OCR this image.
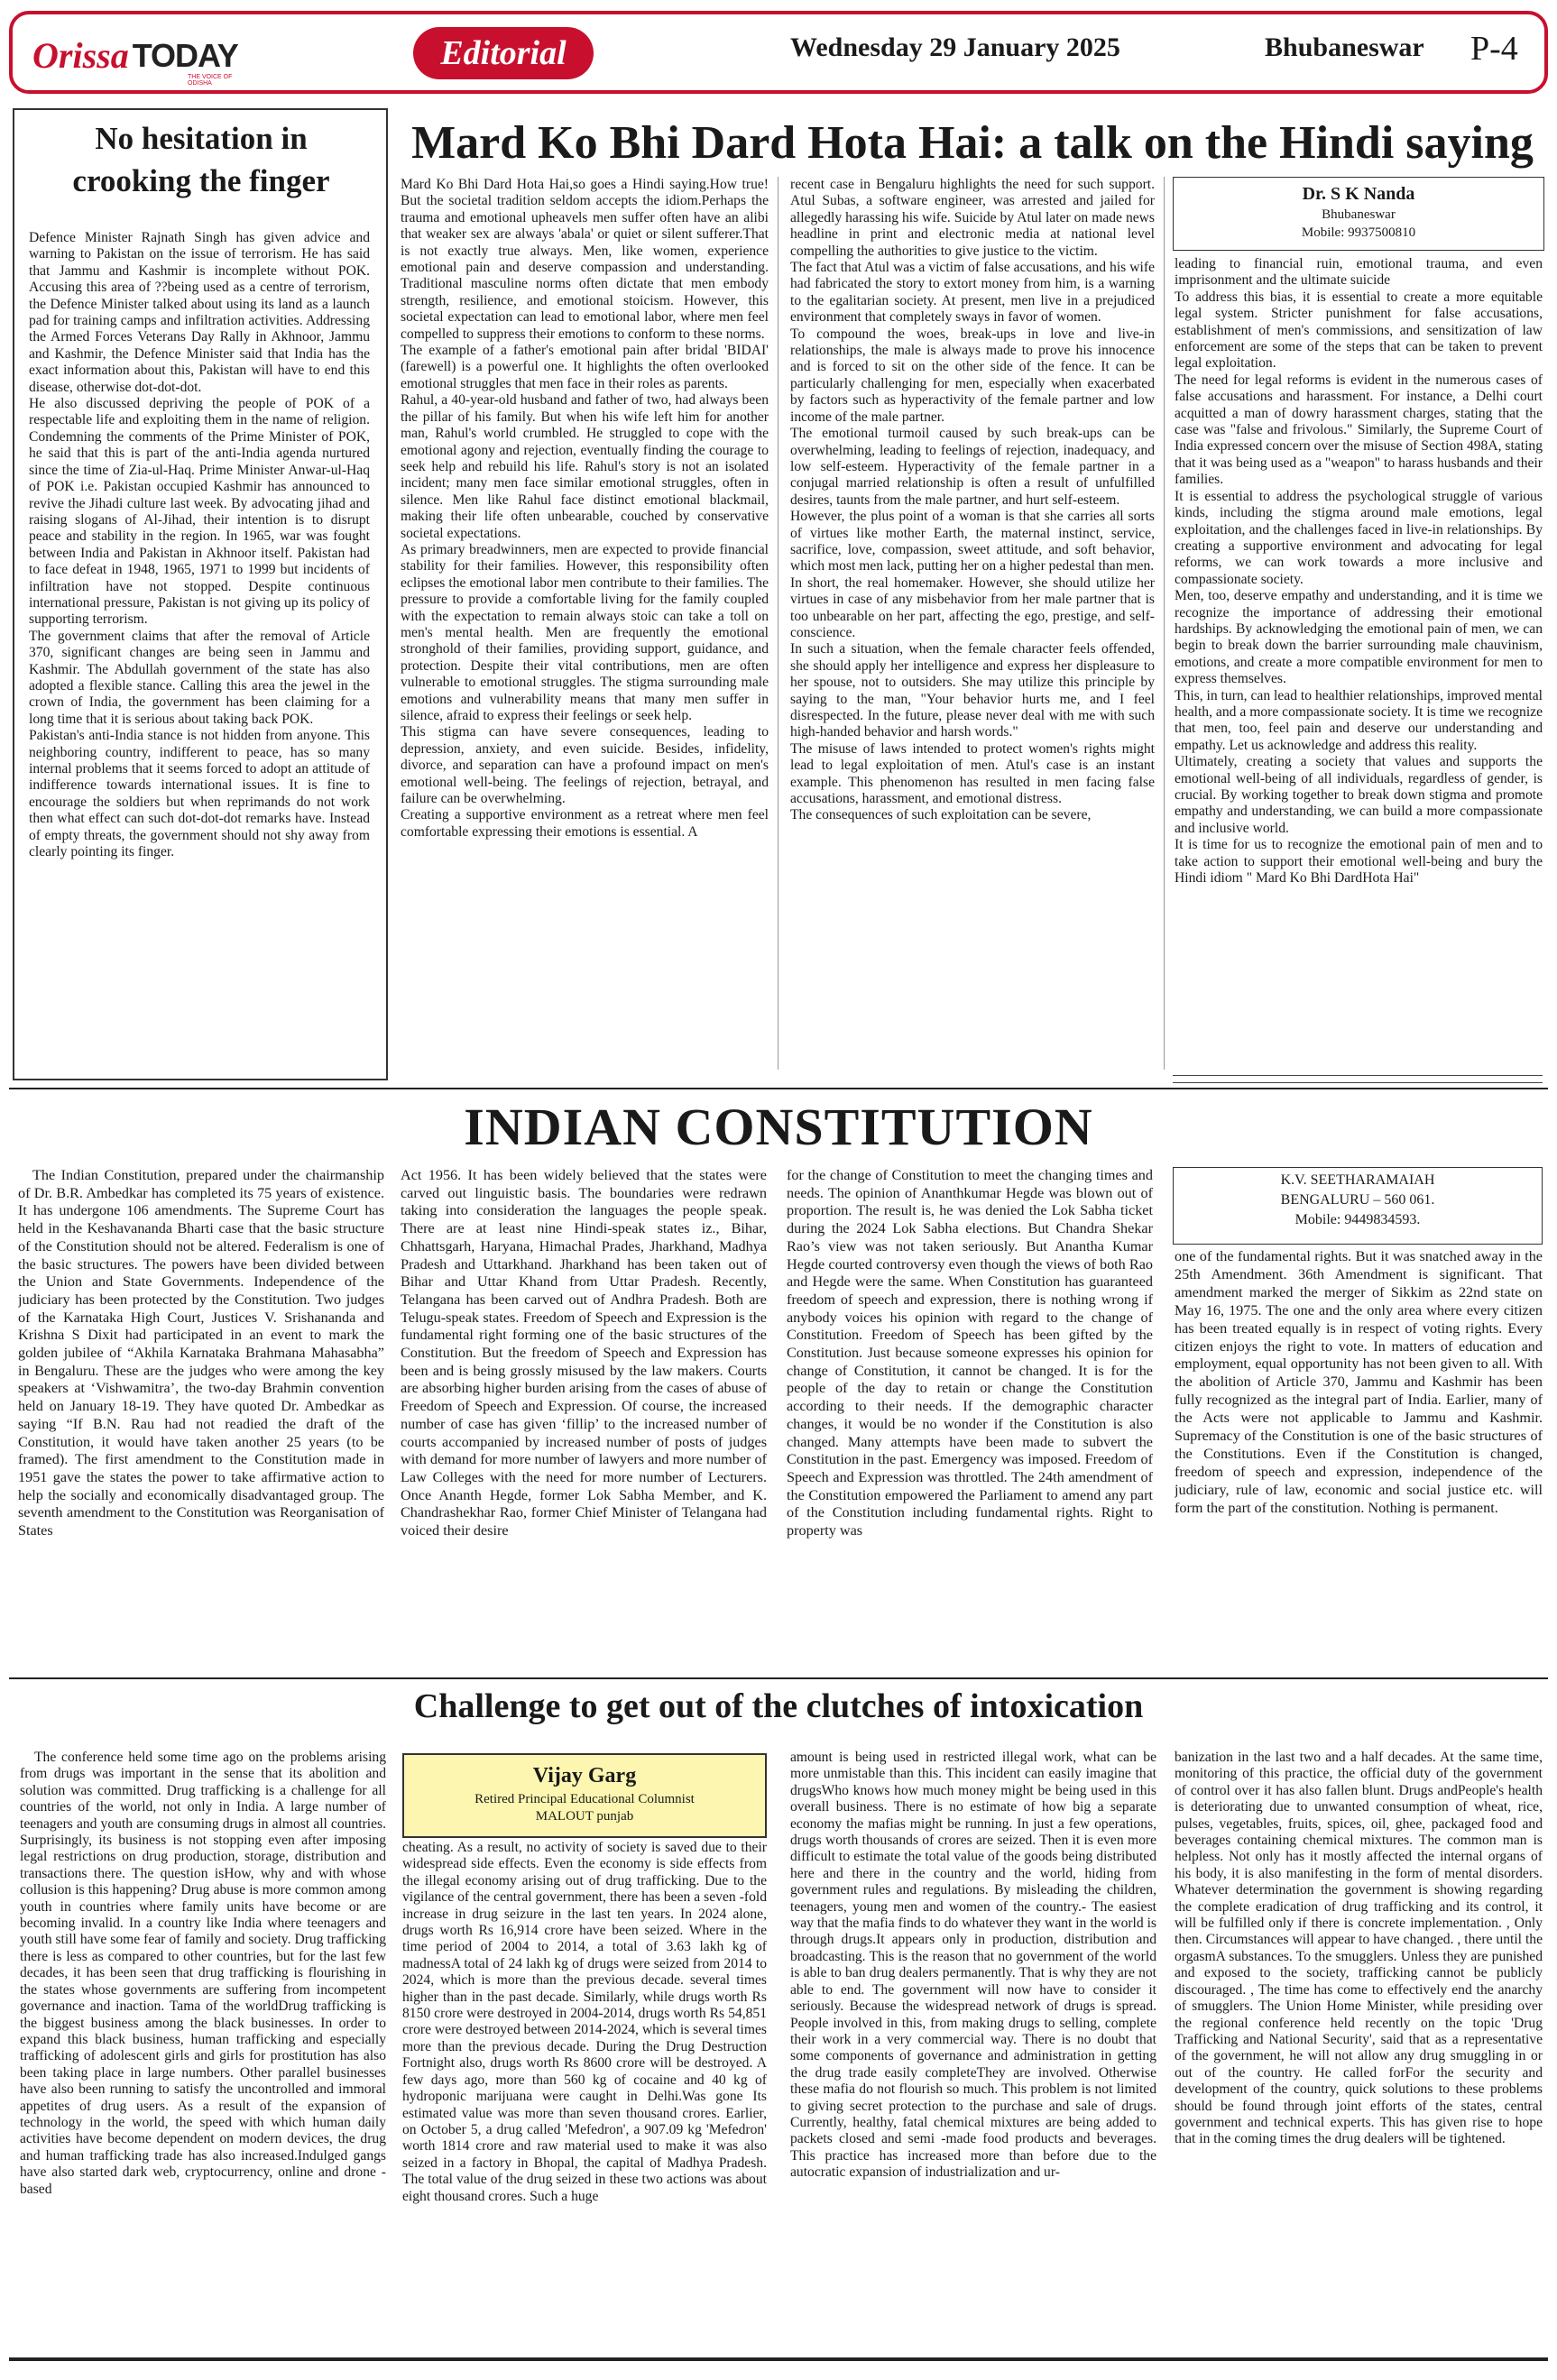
Orissa TODAY
THE VOICE OF ODISHA
Editorial	Wednesday 29 January 2025	Bhubaneswar P-4
No hesitation in crooking the finger

Defence Minister Rajnath Singh has given advice and warning to Pakistan on the issue of terrorism. He has said that Jammu and Kashmir is incomplete without POK. Accusing this area of ??being used as a centre of terrorism, the Defence Minister talked about using its land as a launch pad for training camps and infiltration activities. Addressing the Armed Forces Veterans Day Rally in Akhnoor, Jammu and Kashmir, the Defence Minister said that India has the exact information about this, Pakistan will have to end this disease, otherwise dot-dot-dot.

He also discussed depriving the people of POK of a respectable life and exploiting them in the name of religion. Condemning the comments of the Prime Minister of POK, he said that this is part of the anti-India agenda nurtured since the time of Zia-ul-Haq. Prime Minister Anwar-ul-Haq of POK i.e. Pakistan occupied Kashmir has announced to revive the Jihadi culture last week. By advocating jihad and raising slogans of Al-Jihad, their intention is to disrupt peace and stability in the region. In 1965, war was fought between India and Pakistan in Akhnoor itself. Pakistan had to face defeat in 1948, 1965, 1971 to 1999 but incidents of infiltration have not stopped. Despite continuous international pressure, Pakistan is not giving up its policy of supporting terrorism.

The government claims that after the removal of Article 370, significant changes are being seen in Jammu and Kashmir. The Abdullah government of the state has also adopted a flexible stance. Calling this area the jewel in the crown of India, the government has been claiming for a long time that it is serious about taking back POK.

Pakistan's anti-India stance is not hidden from anyone. This neighboring country, indifferent to peace, has so many internal problems that it seems forced to adopt an attitude of indifference towards international issues. It is fine to encourage the soldiers but when reprimands do not work then what effect can such dot-dot-dot remarks have. Instead of empty threats, the government should not shy away from clearly pointing its finger.

Mard Ko Bhi Dard Hota Hai: a talk on the Hindi saying

Mard Ko Bhi Dard Hota Hai,so goes a Hindi saying.How true! But the societal tradition seldom accepts the idiom.Perhaps the trauma and emotional upheavels men suffer often have an alibi that weaker sex are always 'abala' or quiet or silent sufferer.That is not exactly true always. Men, like women, experience emotional pain and deserve compassion and understanding. Traditional masculine norms often dictate that men embody strength, resilience, and emotional stoicism. However, this societal expectation can lead to emotional labor, where men feel compelled to suppress their emotions to conform to these norms.

The example of a father's emotional pain after bridal 'BIDAI' (farewell) is a powerful one. It highlights the often overlooked emotional struggles that men face in their roles as parents.

Rahul, a 40-year-old husband and father of two, had always been the pillar of his family. But when his wife left him for another man, Rahul's world crumbled. He struggled to cope with the emotional agony and rejection, eventually finding the courage to seek help and rebuild his life. Rahul's story is not an isolated incident; many men face similar emotional struggles, often in silence. Men like Rahul face distinct emotional blackmail, making their life often unbearable, couched by conservative societal expectations.

As primary breadwinners, men are expected to provide financial stability for their families. However, this responsibility often eclipses the emotional labor men contribute to their families. The pressure to provide a comfortable living for the family coupled with the expectation to remain always stoic can take a toll on men's mental health. Men are frequently the emotional stronghold of their families, providing support, guidance, and protection. Despite their vital contributions, men are often vulnerable to emotional struggles. The stigma surrounding male emotions and vulnerability means that many men suffer in silence, afraid to express their feelings or seek help.

This stigma can have severe consequences, leading to depression, anxiety, and even suicide. Besides, infidelity, divorce, and separation can have a profound impact on men's emotional well-being. The feelings of rejection, betrayal, and failure can be overwhelming.

Creating a supportive environment as a retreat where men feel comfortable expressing their emotions is essential. A

recent case in Bengaluru highlights the need for such support. Atul Subas, a software engineer, was arrested and jailed for allegedly harassing his wife. Suicide by Atul later on made news headline in print and electronic media at national level compelling the authorities to give justice to the victim.

The fact that Atul was a victim of false accusations, and his wife had fabricated the story to extort money from him, is a warning to the egalitarian society. At present, men live in a prejudiced environment that completely sways in favor of women.

To compound the woes, break-ups in love and live-in relationships, the male is always made to prove his innocence and is forced to sit on the other side of the fence. It can be particularly challenging for men, especially when exacerbated by factors such as hyperactivity of the female partner and low income of the male partner.

The emotional turmoil caused by such break-ups can be overwhelming, leading to feelings of rejection, inadequacy, and low self-esteem. Hyperactivity of the female partner in a conjugal married relationship is often a result of unfulfilled desires, taunts from the male partner, and hurt self-esteem.

However, the plus point of a woman is that she carries all sorts of virtues like mother Earth, the maternal instinct, service, sacrifice, love, compassion, sweet attitude, and soft behavior, which most men lack, putting her on a higher pedestal than men.

In short, the real homemaker. However, she should utilize her virtues in case of any misbehavior from her male partner that is too unbearable on her part, affecting the ego, prestige, and self-conscience.

In such a situation, when the female character feels offended, she should apply her intelligence and express her displeasure to her spouse, not to outsiders. She may utilize this principle by saying to the man, "Your behavior hurts me, and I feel disrespected. In the future, please never deal with me with such high-handed behavior and harsh words."

The misuse of laws intended to protect women's rights might lead to legal exploitation of men. Atul's case is an instant example. This phenomenon has resulted in men facing false accusations, harassment, and emotional distress.

The consequences of such exploitation can be severe,

Dr. S K Nanda
Bhubaneswar
Mobile: 9937500810

leading to financial ruin, emotional trauma, and even imprisonment and the ultimate suicide

To address this bias, it is essential to create a more equitable legal system. Stricter punishment for false accusations, establishment of men's commissions, and sensitization of law enforcement are some of the steps that can be taken to prevent legal exploitation.

The need for legal reforms is evident in the numerous cases of false accusations and harassment. For instance, a Delhi court acquitted a man of dowry harassment charges, stating that the case was "false and frivolous." Similarly, the Supreme Court of India expressed concern over the misuse of Section 498A, stating that it was being used as a "weapon" to harass husbands and their families.

It is essential to address the psychological struggle of various kinds, including the stigma around male emotions, legal exploitation, and the challenges faced in live-in relationships. By creating a supportive environment and advocating for legal reforms, we can work towards a more inclusive and compassionate society.

Men, too, deserve empathy and understanding, and it is time we recognize the importance of addressing their emotional hardships. By acknowledging the emotional pain of men, we can begin to break down the barrier surrounding male chauvinism, emotions, and create a more compatible environment for men to express themselves.

This, in turn, can lead to healthier relationships, improved mental health, and a more compassionate society. It is time we recognize that men, too, feel pain and deserve our understanding and empathy. Let us acknowledge and address this reality.

Ultimately, creating a society that values and supports the emotional well-being of all individuals, regardless of gender, is crucial. By working together to break down stigma and promote empathy and understanding, we can build a more compassionate and inclusive world.

It is time for us to recognize the emotional pain of men and to take action to support their emotional well-being and bury the Hindi idiom " Mard Ko Bhi DardHota Hai"

INDIAN CONSTITUTION

The Indian Constitution, prepared under the chairmanship of Dr. B.R. Ambedkar has completed its 75 years of existence. It has undergone 106 amendments. The Supreme Court has held in the Keshavananda Bharti case that the basic structure of the Constitution should not be altered. Federalism is one of the basic structures. The powers have been divided between the Union and State Governments. Independence of the judiciary has been protected by the Constitution. Two judges of the Karnataka High Court, Justices V. Srishananda and Krishna S Dixit had participated in an event to mark the golden jubilee of “Akhila Karnataka Brahmana Mahasabha” in Bengaluru. These are the judges who were among the key speakers at ‘Vishwamitra’, the two-day Brahmin convention held on January 18-19. They have quoted Dr. Ambedkar as saying “If B.N. Rau had not readied the draft of the Constitution, it would have taken another 25 years (to be framed). The first amendment to the Constitution made in 1951 gave the states the power to take affirmative action to help the socially and economically disadvantaged group. The seventh amendment to the Constitution was Reorganisation of States

Act 1956. It has been widely believed that the states were carved out linguistic basis. The boundaries were redrawn taking into consideration the languages the people speak. There are at least nine Hindi-speak states iz., Bihar, Chhattsgarh, Haryana, Himachal Prades, Jharkhand, Madhya Pradesh and Uttarkhand. Jharkhand has been taken out of Bihar and Uttar Khand from Uttar Pradesh. Recently, Telangana has been carved out of Andhra Pradesh. Both are Telugu-speak states. Freedom of Speech and Expression is the fundamental right forming one of the basic structures of the Constitution. But the freedom of Speech and Expression has been and is being grossly misused by the law makers. Courts are absorbing higher burden arising from the cases of abuse of Freedom of Speech and Expression. Of course, the increased number of case has given ‘fillip’ to the increased number of courts accompanied by increased number of posts of judges with demand for more number of lawyers and more number of Law Colleges with the need for more number of Lecturers. Once Ananth Hegde, former Lok Sabha Member, and K. Chandrashekhar Rao, former Chief Minister of Telangana had voiced their desire

for the change of Constitution to meet the changing times and needs. The opinion of Ananthkumar Hegde was blown out of proportion. The result is, he was denied the Lok Sabha ticket during the 2024 Lok Sabha elections. But Chandra Shekar Rao’s view was not taken seriously. But Anantha Kumar Hegde courted controversy even though the views of both Rao and Hegde were the same. When Constitution has guaranteed freedom of speech and expression, there is nothing wrong if anybody voices his opinion with regard to the change of Constitution. Freedom of Speech has been gifted by the Constitution. Just because someone expresses his opinion for change of Constitution, it cannot be changed. It is for the people of the day to retain or change the Constitution according to their needs. If the demographic character changes, it would be no wonder if the Constitution is also changed. Many attempts have been made to subvert the Constitution in the past. Emergency was imposed. Freedom of Speech and Expression was throttled. The 24th amendment of the Constitution empowered the Parliament to amend any part of the Constitution including fundamental rights. Right to property was

K.V. SEETHARAMAIAH
BENGALURU – 560 061.
Mobile: 9449834593.

one of the fundamental rights. But it was snatched away in the 25th Amendment. 36th Amendment is significant. That amendment marked the merger of Sikkim as 22nd state on May 16, 1975. The one and the only area where every citizen has been treated equally is in respect of voting rights. Every citizen enjoys the right to vote. In matters of education and employment, equal opportunity has not been given to all. With the abolition of Article 370, Jammu and Kashmir has been fully recognized as the integral part of India. Earlier, many of the Acts were not applicable to Jammu and Kashmir. Supremacy of the Constitution is one of the basic structures of the Constitutions. Even if the Constitution is changed, freedom of speech and expression, independence of the judiciary, rule of law, economic and social justice etc. will form the part of the constitution. Nothing is permanent.

Challenge to get out of the clutches of intoxication

The conference held some time ago on the problems arising from drugs was important in the sense that its abolition and solution was committed. Drug trafficking is a challenge for all countries of the world, not only in India. A large number of teenagers and youth are consuming drugs in almost all countries. Surprisingly, its business is not stopping even after imposing legal restrictions on drug production, storage, distribution and transactions there. The question isHow, why and with whose collusion is this happening? Drug abuse is more common among youth in countries where family units have become or are becoming invalid. In a country like India where teenagers and youth still have some fear of family and society. Drug trafficking there is less as compared to other countries, but for the last few decades, it has been seen that drug trafficking is flourishing in the states whose governments are suffering from incompetent governance and inaction. Tama of the worldDrug trafficking is the biggest business among the black businesses. In order to expand this black business, human trafficking and especially trafficking of adolescent girls and girls for prostitution has also been taking place in large numbers. Other parallel businesses have also been running to satisfy the uncontrolled and immoral appetites of drug users. As a result of the expansion of technology in the world, the speed with which human daily activities have become dependent on modern devices, the drug and human trafficking trade has also increased.Indulged gangs have also started dark web, cryptocurrency, online and drone -based

Vijay Garg
Retired Principal Educational Columnist
MALOUT punjab

cheating. As a result, no activity of society is saved due to their widespread side effects. Even the economy is side effects from the illegal economy arising out of drug trafficking. Due to the vigilance of the central government, there has been a seven -fold increase in drug seizure in the last ten years. In 2024 alone, drugs worth Rs 16,914 crore have been seized. Where in the time period of 2004 to 2014, a total of 3.63 lakh kg of madnessA total of 24 lakh kg of drugs were seized from 2014 to 2024, which is more than the previous decade. several times higher than in the past decade. Similarly, while drugs worth Rs 8150 crore were destroyed in 2004-2014, drugs worth Rs 54,851 crore were destroyed between 2014-2024, which is several times more than the previous decade. During the Drug Destruction Fortnight also, drugs worth Rs 8600 crore will be destroyed. A few days ago, more than 560 kg of cocaine and 40 kg of hydroponic marijuana were caught in Delhi.Was gone Its estimated value was more than seven thousand crores. Earlier, on October 5, a drug called 'Mefedron', a 907.09 kg 'Mefedron' worth 1814 crore and raw material used to make it was also seized in a factory in Bhopal, the capital of Madhya Pradesh. The total value of the drug seized in these two actions was about eight thousand crores. Such a huge

amount is being used in restricted illegal work, what can be more unmistable than this. This incident can easily imagine that drugsWho knows how much money might be being used in this overall business. There is no estimate of how big a separate economy the mafias might be running. In just a few operations, drugs worth thousands of crores are seized. Then it is even more difficult to estimate the total value of the goods being distributed here and there in the country and the world, hiding from government rules and regulations. By misleading the children, teenagers, young men and women of the country.- The easiest way that the mafia finds to do whatever they want in the world is through drugs.It appears only in production, distribution and broadcasting. This is the reason that no government of the world is able to ban drug dealers permanently. That is why they are not able to end. The government will now have to consider it seriously. Because the widespread network of drugs is spread. People involved in this, from making drugs to selling, complete their work in a very commercial way. There is no doubt that some components of governance and administration in getting the drug trade easily completeThey are involved. Otherwise these mafia do not flourish so much. This problem is not limited to giving secret protection to the purchase and sale of drugs. Currently, healthy, fatal chemical mixtures are being added to packets closed and semi -made food products and beverages. This practice has increased more than before due to the autocratic expansion of industrialization and ur-

banization in the last two and a half decades. At the same time, monitoring of this practice, the official duty of the government of control over it has also fallen blunt. Drugs andPeople's health is deteriorating due to unwanted consumption of wheat, rice, pulses, vegetables, fruits, spices, oil, ghee, packaged food and beverages containing chemical mixtures. The common man is helpless. Not only has it mostly affected the internal organs of his body, it is also manifesting in the form of mental disorders. Whatever determination the government is showing regarding the complete eradication of drug trafficking and its control, it will be fulfilled only if there is concrete implementation. , Only then. Circumstances will appear to have changed. , there until the orgasmA substances. To the smugglers. Unless they are punished and exposed to the society, trafficking cannot be publicly discouraged. , The time has come to effectively end the anarchy of smugglers. The Union Home Minister, while presiding over the regional conference held recently on the topic 'Drug Trafficking and National Security', said that as a representative of the government, he will not allow any drug smuggling in or out of the country. He called forFor the security and development of the country, quick solutions to these problems should be found through joint efforts of the states, central government and technical experts. This has given rise to hope that in the coming times the drug dealers will be tightened.
